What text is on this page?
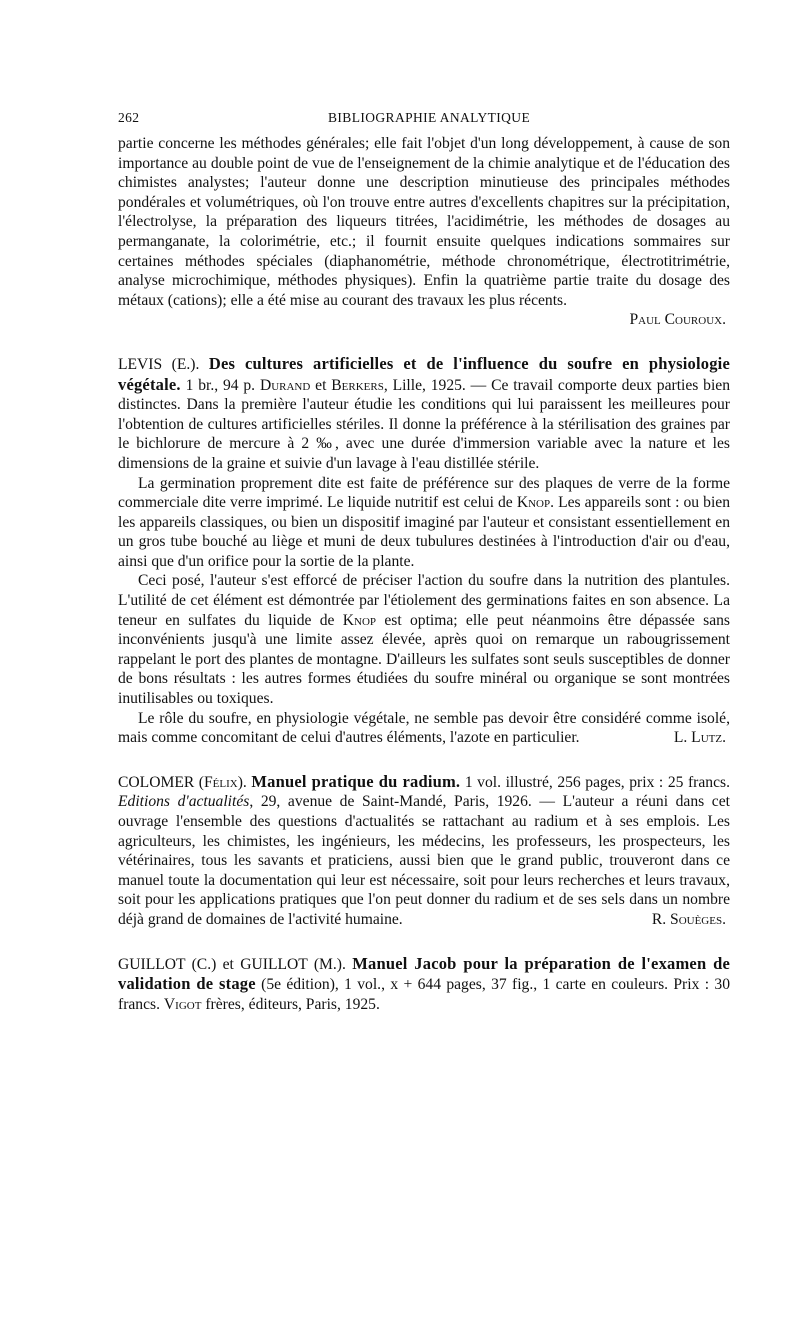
262	BIBLIOGRAPHIE ANALYTIQUE

partie concerne les méthodes générales; elle fait l'objet d'un long développement, à cause de son importance au double point de vue de l'enseignement de la chimie analytique et de l'éducation des chimistes analystes; l'auteur donne une description minutieuse des principales méthodes pondérales et volumétriques, où l'on trouve entre autres d'excellents chapitres sur la précipitation, l'électrolyse, la préparation des liqueurs titrées, l'acidimétrie, les méthodes de dosages au permanganate, la colorimétrie, etc.; il fournit ensuite quelques indications sommaires sur certaines méthodes spéciales (diaphanométrie, méthode chronométrique, électrotitrimétrie, analyse microchimique, méthodes physiques). Enfin la quatrième partie traite du dosage des métaux (cations); elle a été mise au courant des travaux les plus récents.

Paul Couroux.

LEVIS (E.). Des cultures artificielles et de l'influence du soufre en physiologie végétale. 1 br., 94 p. Durand et Berkers, Lille, 1925. — Ce travail comporte deux parties bien distinctes. Dans la première l'auteur étudie les conditions qui lui paraissent les meilleures pour l'obtention de cultures artificielles stériles. Il donne la préférence à la stérilisation des graines par le bichlorure de mercure à 2 ‰, avec une durée d'immersion variable avec la nature et les dimensions de la graine et suivie d'un lavage à l'eau distillée stérile.

La germination proprement dite est faite de préférence sur des plaques de verre de la forme commerciale dite verre imprimé. Le liquide nutritif est celui de Knop. Les appareils sont : ou bien les appareils classiques, ou bien un dispositif imaginé par l'auteur et consistant essentiellement en un gros tube bouché au liège et muni de deux tubulures destinées à l'introduction d'air ou d'eau, ainsi que d'un orifice pour la sortie de la plante.

Ceci posé, l'auteur s'est efforcé de préciser l'action du soufre dans la nutrition des plantules. L'utilité de cet élément est démontrée par l'étiolement des germinations faites en son absence. La teneur en sulfates du liquide de Knop est optima; elle peut néanmoins être dépassée sans inconvénients jusqu'à une limite assez élevée, après quoi on remarque un rabougrissement rappelant le port des plantes de montagne. D'ailleurs les sulfates sont seuls susceptibles de donner de bons résultats : les autres formes étudiées du soufre minéral ou organique se sont montrées inutilisables ou toxiques.

Le rôle du soufre, en physiologie végétale, ne semble pas devoir être considéré comme isolé, mais comme concomitant de celui d'autres éléments, l'azote en particulier.	L. Lutz.

COLOMER (Félix). Manuel pratique du radium. 1 vol. illustré, 256 pages, prix : 25 francs. Editions d'actualités, 29, avenue de Saint-Mandé, Paris, 1926. — L'auteur a réuni dans cet ouvrage l'ensemble des questions d'actualités se rattachant au radium et à ses emplois. Les agriculteurs, les chimistes, les ingénieurs, les médecins, les professeurs, les prospecteurs, les vétérinaires, tous les savants et praticiens, aussi bien que le grand public, trouveront dans ce manuel toute la documentation qui leur est nécessaire, soit pour leurs recherches et leurs travaux, soit pour les applications pratiques que l'on peut donner du radium et de ses sels dans un nombre déjà grand de domaines de l'activité humaine.	R. Souèges.

GUILLOT (C.) et GUILLOT (M.). Manuel Jacob pour la préparation de l'examen de validation de stage (5e édition), 1 vol., x + 644 pages, 37 fig., 1 carte en couleurs. Prix : 30 francs. Vigot frères, éditeurs, Paris, 1925.
